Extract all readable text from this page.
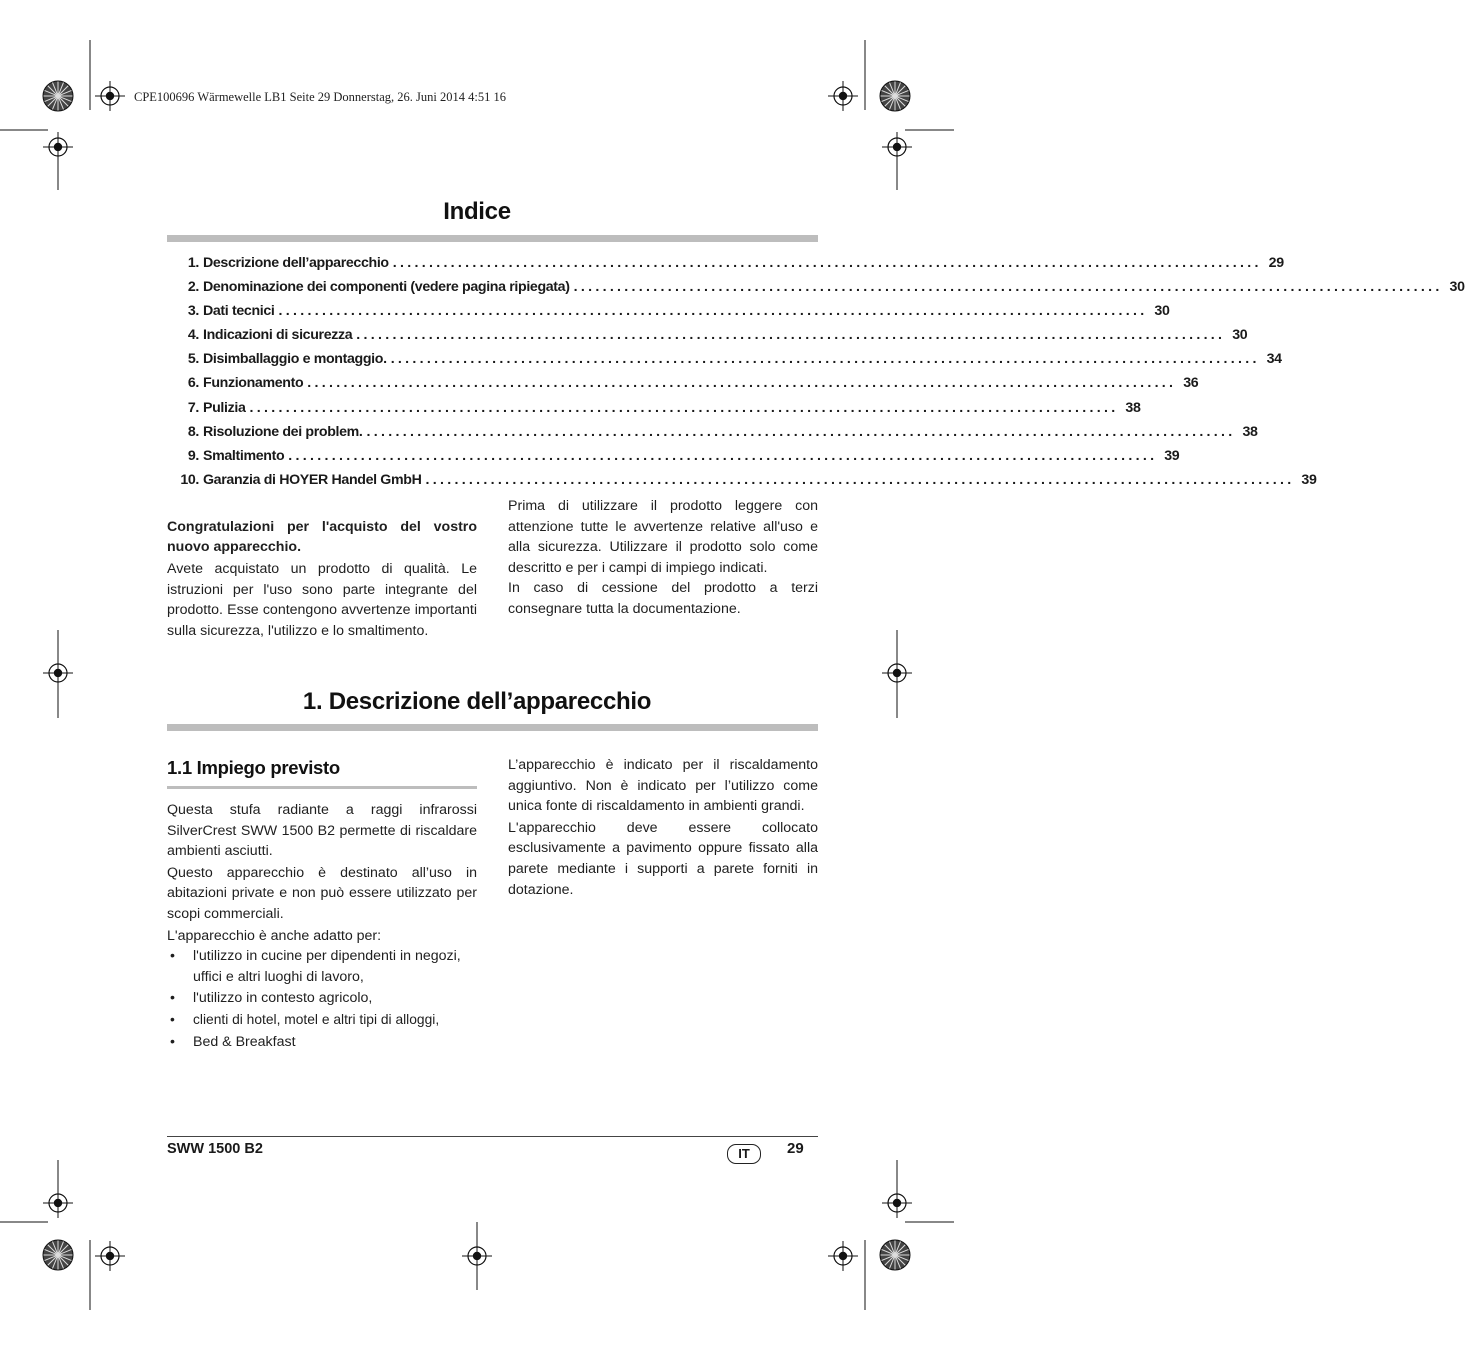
CPE100696 Wärmewelle LB1 Seite 29 Donnerstag, 26. Juni 2014 4:51 16
Indice
1. Descrizione dell’apparecchio ........................................................................................................................ 29
2. Denominazione dei componenti (vedere pagina ripiegata) ........................................................................................................................ 30
3. Dati tecnici ........................................................................................................................ 30
4. Indicazioni di sicurezza ........................................................................................................................ 30
5. Disimballaggio e montaggio. ........................................................................................................................ 34
6. Funzionamento ........................................................................................................................ 36
7. Pulizia ........................................................................................................................ 38
8. Risoluzione dei problem. ........................................................................................................................ 38
9. Smaltimento ........................................................................................................................ 39
10. Garanzia di HOYER Handel GmbH ........................................................................................................................ 39

Congratulazioni per l'acquisto del vostro nuovo apparecchio.

Avete acquistato un prodotto di qualità. Le istruzioni per l'uso sono parte integrante del prodotto. Esse contengono avvertenze importanti sulla sicurezza, l'utilizzo e lo smaltimento.

Prima di utilizzare il prodotto leggere con attenzione tutte le avvertenze relative all'uso e alla sicurezza. Utilizzare il prodotto solo come descritto e per i campi di impiego indicati.

In caso di cessione del prodotto a terzi consegnare tutta la documentazione.

1. Descrizione dell’apparecchio
1.1 Impiego previsto

Questa stufa radiante a raggi infrarossi SilverCrest SWW 1500 B2 permette di riscaldare ambienti asciutti.

Questo apparecchio è destinato all’uso in abitazioni private e non può essere utilizzato per scopi commerciali.

L'apparecchio è anche adatto per:

• l'utilizzo in cucine per dipendenti in negozi, uffici e altri luoghi di lavoro,
• l'utilizzo in contesto agricolo,
• clienti di hotel, motel e altri tipi di alloggi,
• Bed & Breakfast

L’apparecchio è indicato per il riscaldamento aggiuntivo. Non è indicato per l’utilizzo come unica fonte di riscaldamento in ambienti grandi.

L'apparecchio deve essere collocato esclusivamente a pavimento oppure fissato alla parete mediante i supporti a parete forniti in dotazione.

SWW 1500 B2	IT	29
